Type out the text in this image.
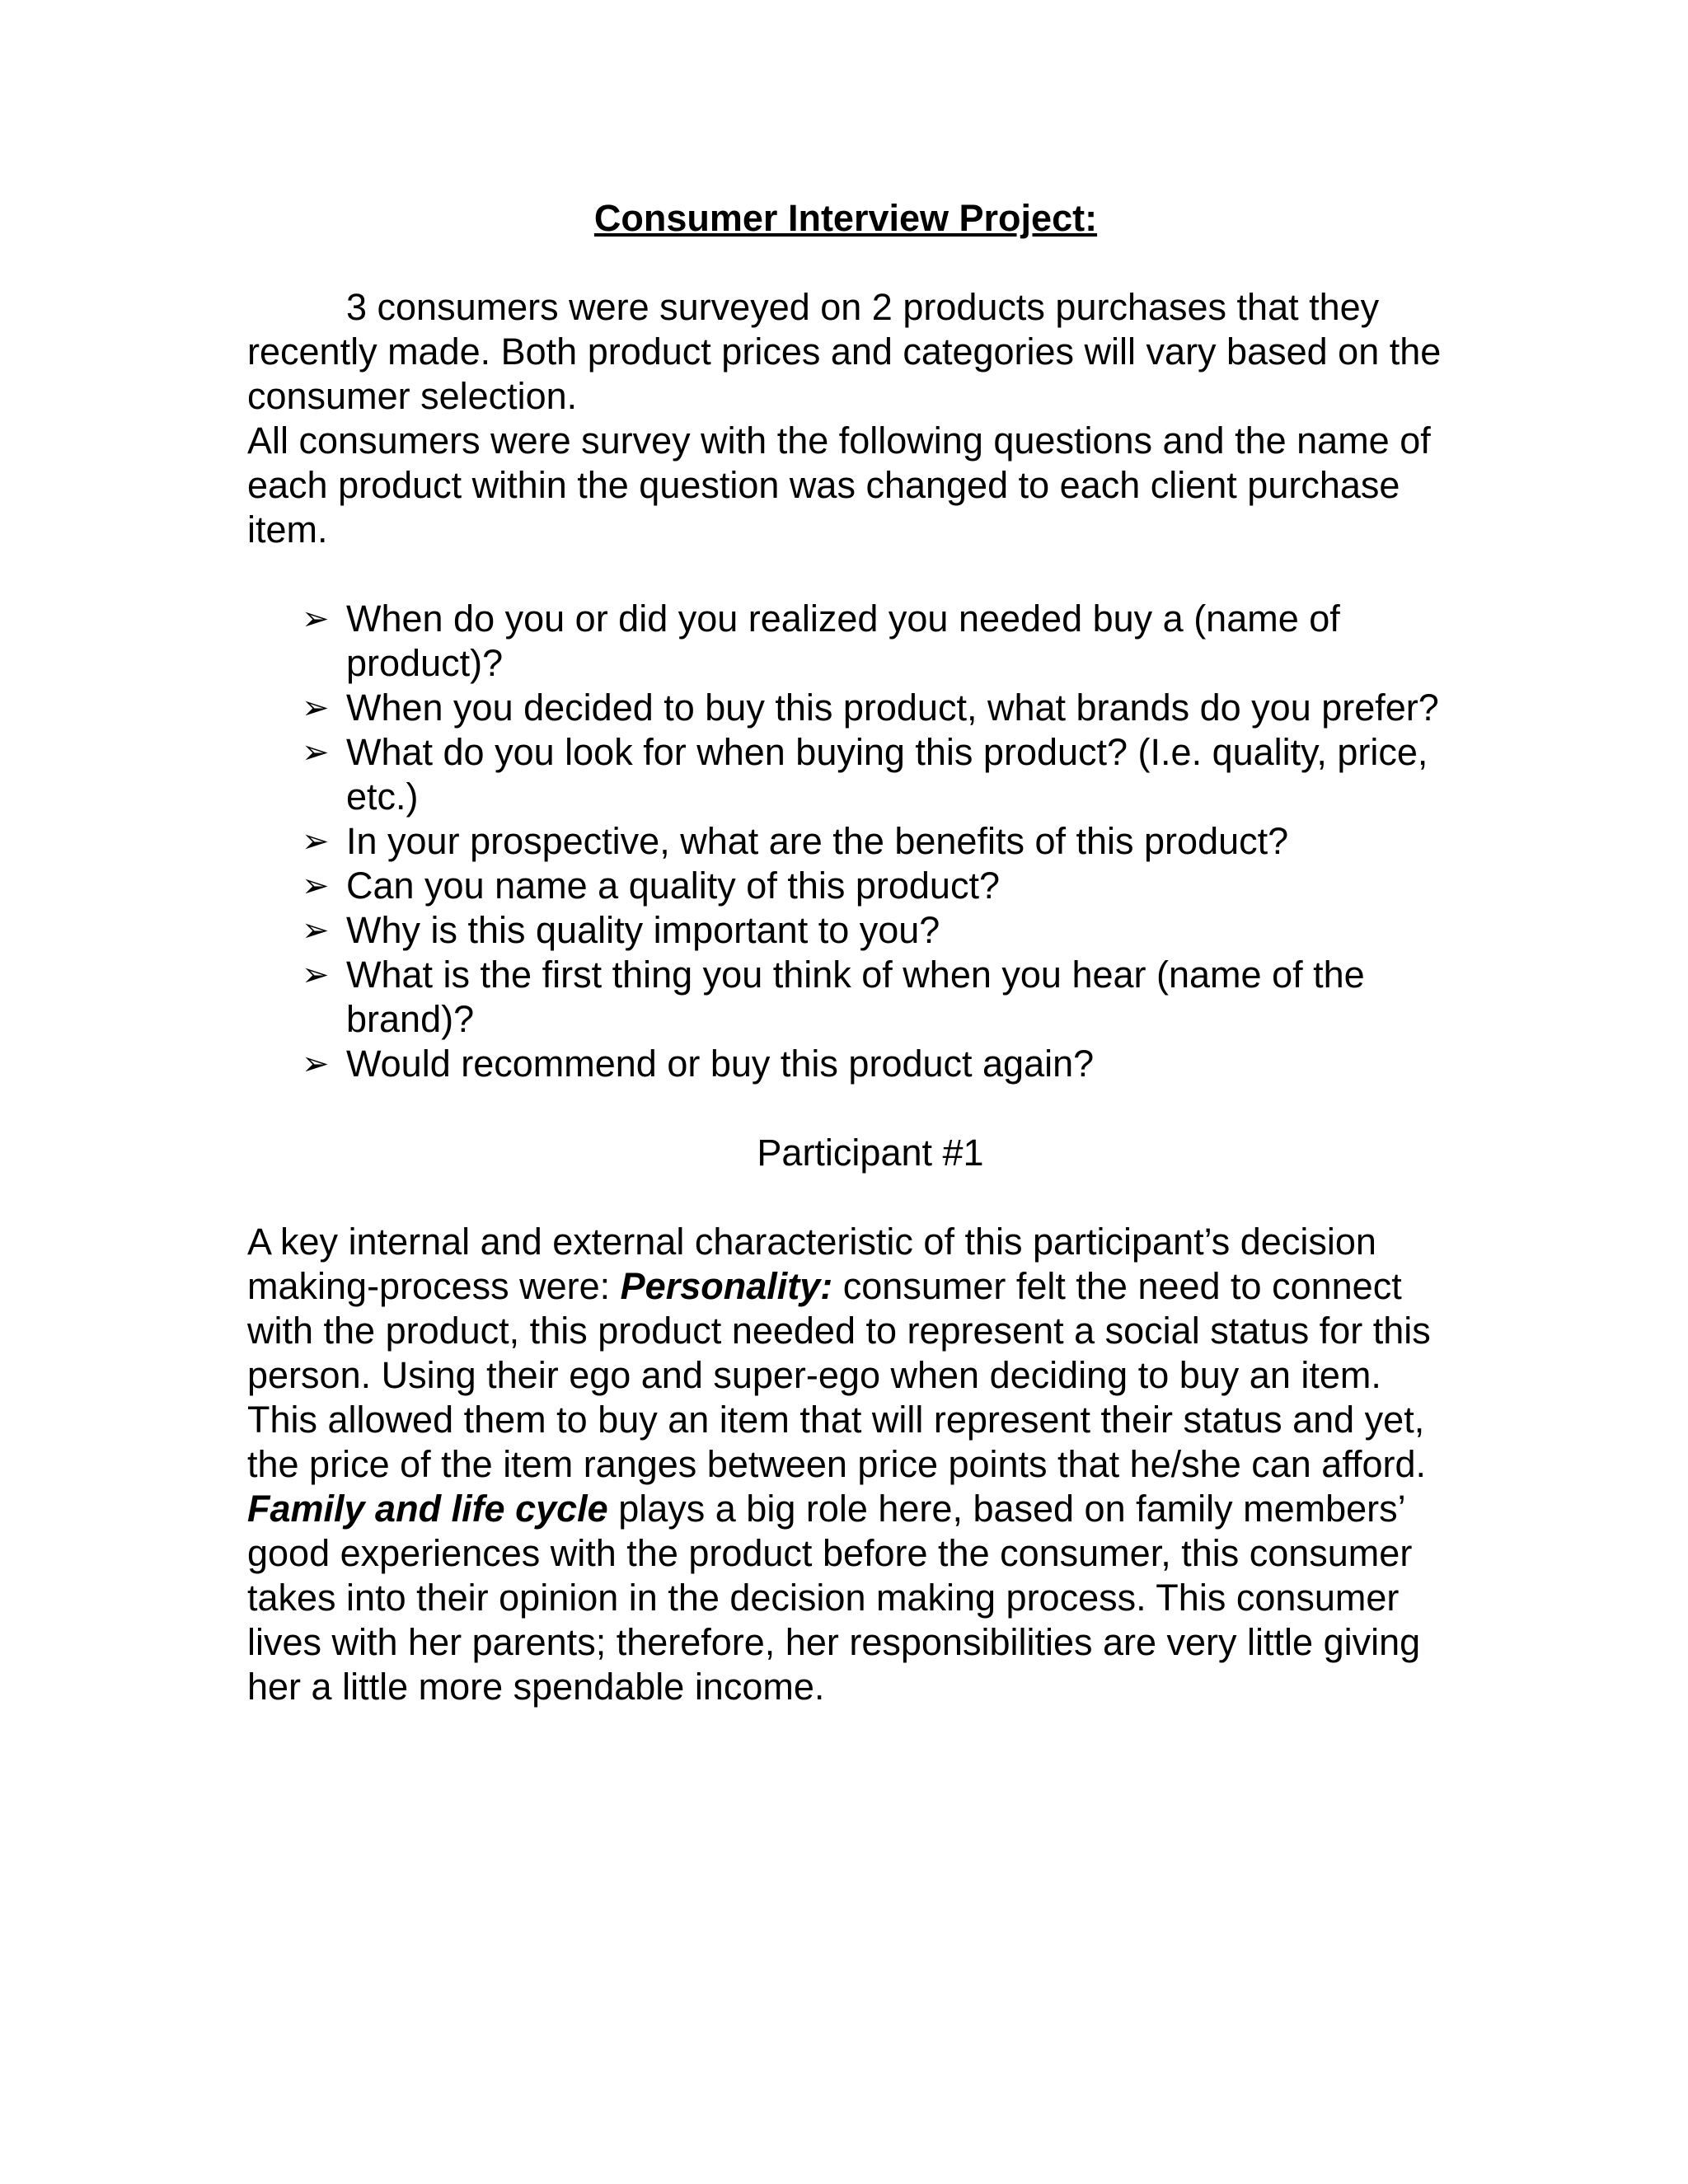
Consumer Interview Project:

3 consumers were surveyed on 2 products purchases that they recently made. Both product prices and categories will vary based on the consumer selection.

All consumers were survey with the following questions and the name of each product within the question was changed to each client purchase item.

➢ When do you or did you realized you needed buy a (name of product)?
➢ When you decided to buy this product, what brands do you prefer?
➢ What do you look for when buying this product? (I.e. quality, price, etc.)
➢ In your prospective, what are the benefits of this product?
➢ Can you name a quality of this product?
➢ Why is this quality important to you?
➢ What is the first thing you think of when you hear (name of the brand)?
➢ Would recommend or buy this product again?

Participant #1

A key internal and external characteristic of this participant’s decision making-process were: Personality: consumer felt the need to connect with the product, this product needed to represent a social status for this person. Using their ego and super-ego when deciding to buy an item. This allowed them to buy an item that will represent their status and yet, the price of the item ranges between price points that he/she can afford. Family and life cycle plays a big role here, based on family members’ good experiences with the product before the consumer, this consumer takes into their opinion in the decision making process. This consumer lives with her parents; therefore, her responsibilities are very little giving her a little more spendable income.
